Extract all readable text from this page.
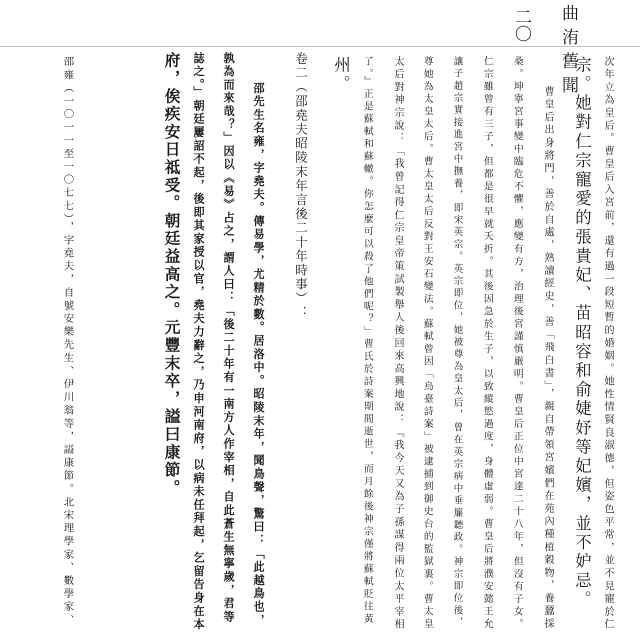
曲洧舊聞
二〇
次年立為皇后。曹皇后入宮前，還有過一段短暫的婚姻。她性情賢良淑德，但姿色平常，並不見寵於仁
宗。她對仁宗寵愛的張貴妃、苗昭容和俞婕妤等妃嬪，並不妒忌。
曹皇后出身將門，善於自處，熟讀經史，善「飛白書」，親自帶領宮嬪們在苑內種植穀物，養蠶採
桑。坤寧宮事變中臨危不懼，應變有方，治理後宮謹慎嚴明。曹皇后正位中宮達二十八年，但沒有子女。
仁宗雖曾有三子，但都是很早就夭折。其後因急於生子，以致縱慾過度，身體虛弱。曹皇后將濮安懿王允
讓子趙宗實接進宮中撫養，即宋英宗。英宗即位，她被尊為皇太后，曾在英宗病中垂簾聽政。神宗即位後，
尊她為太皇太后。曹太皇太后反對王安石變法。蘇軾曾因「烏臺詩案」被逮捕到御史台的監獄裏。曹太皇
太后對神宗說：「我曾記得仁宗皇帝策試製舉人後回來高興地說：『我今天又為子孫謀得兩位太平宰相
了。』正是蘇軾和蘇轍。你怎麼可以殺了他們呢？」曹氏於詩案期間逝世，而月餘後神宗僅將蘇軾貶往黃
州。
卷二（邵堯夫昭陵末年言後二十年時事）：
邵先生名雍，字堯夫。傳易學，尤精於數。居洛中。昭陵末年，聞鳥聲，驚曰：「此越鳥也，
孰為而來哉？」因以《易》占之，謂人曰：「後二十年有一南方人作宰相，自此蒼生無寧歲，君等
誌之。」朝廷屢詔不起，後即其家授以官，堯夫力辭之，乃申河南府，以病未任拜起，乞留告身在本
府，俟疾安日祗受。朝廷益高之。元豐末卒，謚曰康節。
邵雍（一〇一一至一〇七七），字堯夫，自號安樂先生、伊川翁等，謚康節。北宋理學家、數學家、
